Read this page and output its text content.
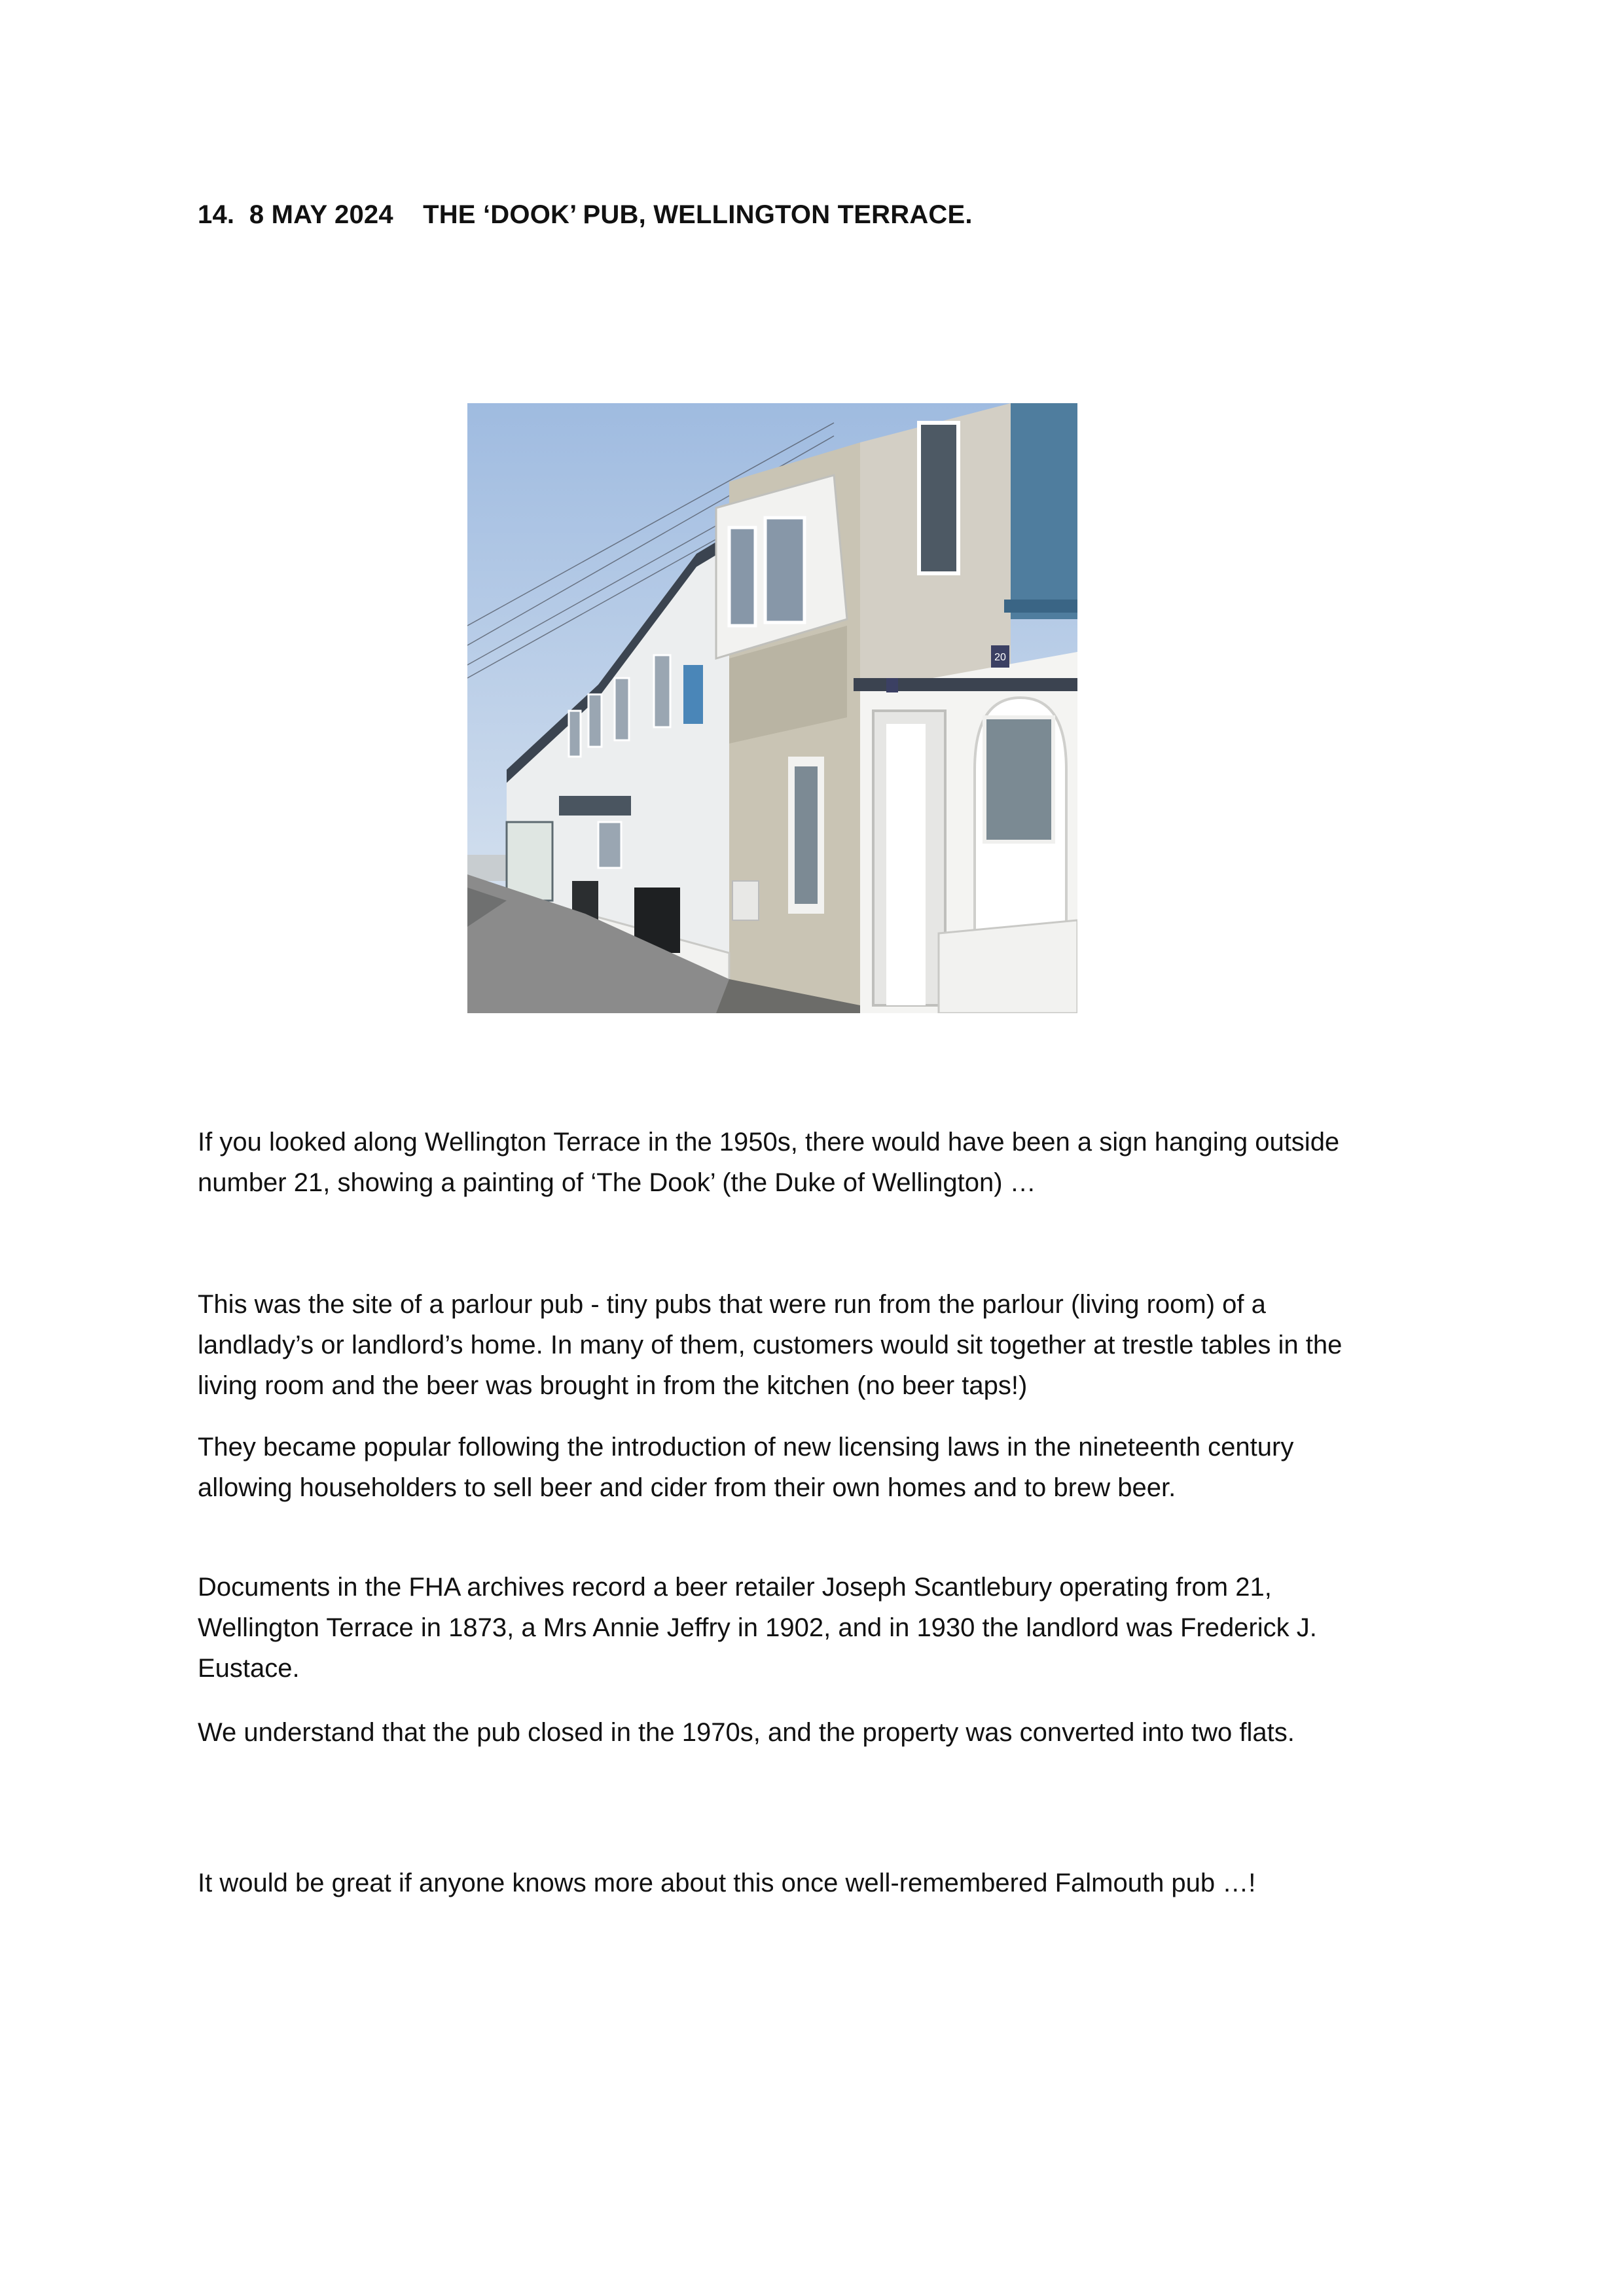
14. 8 MAY 2024 THE ‘DOOK’ PUB, WELLINGTON TERRACE.
20

If you looked along Wellington Terrace in the 1950s, there would have been a sign hanging outside
number 21, showing a painting of ‘The Dook’ (the Duke of Wellington) …

This was the site of a parlour pub - tiny pubs that were run from the parlour (living room) of a
landlady’s or landlord’s home. In many of them, customers would sit together at trestle tables in the
living room and the beer was brought in from the kitchen (no beer taps!)

They became popular following the introduction of new licensing laws in the nineteenth century
allowing householders to sell beer and cider from their own homes and to brew beer.

Documents in the FHA archives record a beer retailer Joseph Scantlebury operating from 21,
Wellington Terrace in 1873, a Mrs Annie Jeffry in 1902, and in 1930 the landlord was Frederick J.
Eustace.

We understand that the pub closed in the 1970s, and the property was converted into two flats.

It would be great if anyone knows more about this once well-remembered Falmouth pub …!
